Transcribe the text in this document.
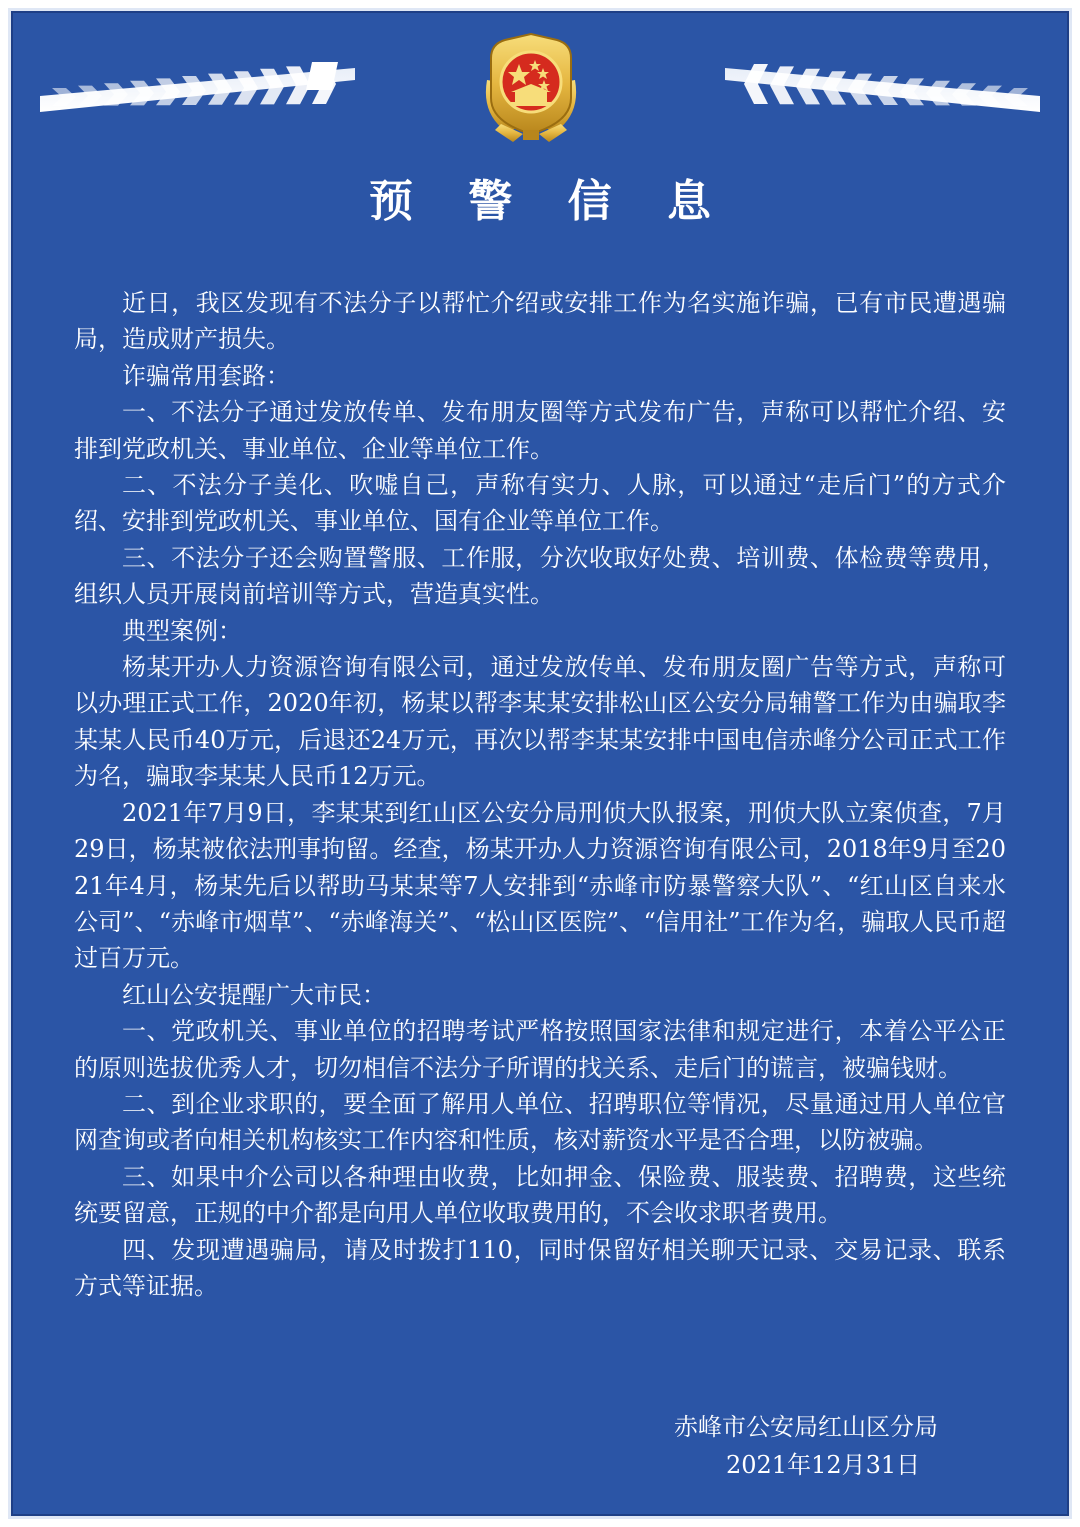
预 警 信 息

近日，我区发现有不法分子以帮忙介绍或安排工作为名实施诈骗，已有市民遭遇骗局，造成财产损失。

诈骗常用套路：

一、不法分子通过发放传单、发布朋友圈等方式发布广告，声称可以帮忙介绍、安排到党政机关、事业单位、企业等单位工作。

二、不法分子美化、吹嘘自己，声称有实力、人脉，可以通过“走后门”的方式介绍、安排到党政机关、事业单位、国有企业等单位工作。

三、不法分子还会购置警服、工作服，分次收取好处费、培训费、体检费等费用，组织人员开展岗前培训等方式，营造真实性。

典型案例：

杨某开办人力资源咨询有限公司，通过发放传单、发布朋友圈广告等方式，声称可以办理正式工作，2020年初，杨某以帮李某某安排松山区公安分局辅警工作为由骗取李某某人民币40万元，后退还24万元，再次以帮李某某安排中国电信赤峰分公司正式工作为名，骗取李某某人民币12万元。

2021年7月9日，李某某到红山区公安分局刑侦大队报案，刑侦大队立案侦查，7月29日，杨某被依法刑事拘留。经查，杨某开办人力资源咨询有限公司，2018年9月至2021年4月，杨某先后以帮助马某某等7人安排到“赤峰市防暴警察大队”、“红山区自来水公司”、“赤峰市烟草”、“赤峰海关”、“松山区医院”、“信用社”工作为名，骗取人民币超过百万元。

红山公安提醒广大市民：

一、党政机关、事业单位的招聘考试严格按照国家法律和规定进行，本着公平公正的原则选拔优秀人才，切勿相信不法分子所谓的找关系、走后门的谎言，被骗钱财。

二、到企业求职的，要全面了解用人单位、招聘职位等情况，尽量通过用人单位官网查询或者向相关机构核实工作内容和性质，核对薪资水平是否合理，以防被骗。

三、如果中介公司以各种理由收费，比如押金、保险费、服装费、招聘费，这些统统要留意，正规的中介都是向用人单位收取费用的，不会收求职者费用。

四、发现遭遇骗局，请及时拨打110，同时保留好相关聊天记录、交易记录、联系方式等证据。

赤峰市公安局红山区分局
2021年12月31日
